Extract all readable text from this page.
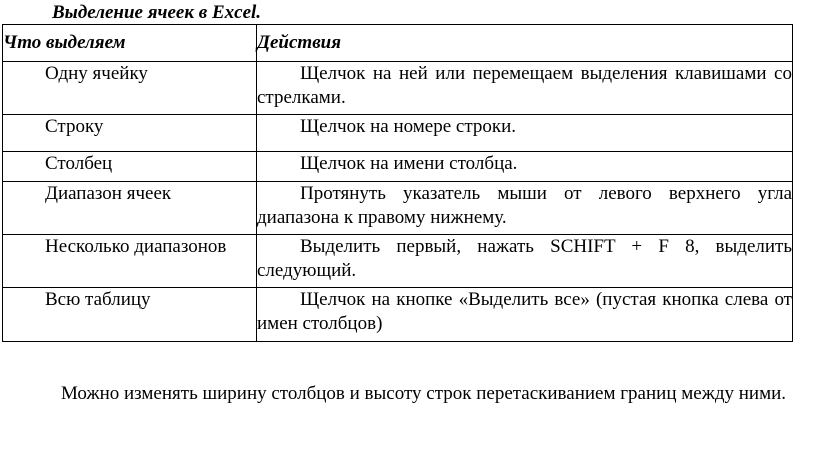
Выделение ячеек в Excel.
Что выделяем	Действия

Одну ячейку	Щелчок на ней или перемещаем выделения клавишами со стрелками.

Строку	Щелчок на номере строки.

Столбец	Щелчок на имени столбца.

Диапазон ячеек	Протянуть указатель мыши от левого верхнего угла диапазона к правому нижнему.

Несколько диапазонов	Выделить первый, нажать SCHIFT + F 8, выделить следующий.

Всю таблицу	Щелчок на кнопке «Выделить все» (пустая кнопка слева от имен столбцов)
Можно изменять ширину столбцов и высоту строк перетаскиванием границ между ними.
